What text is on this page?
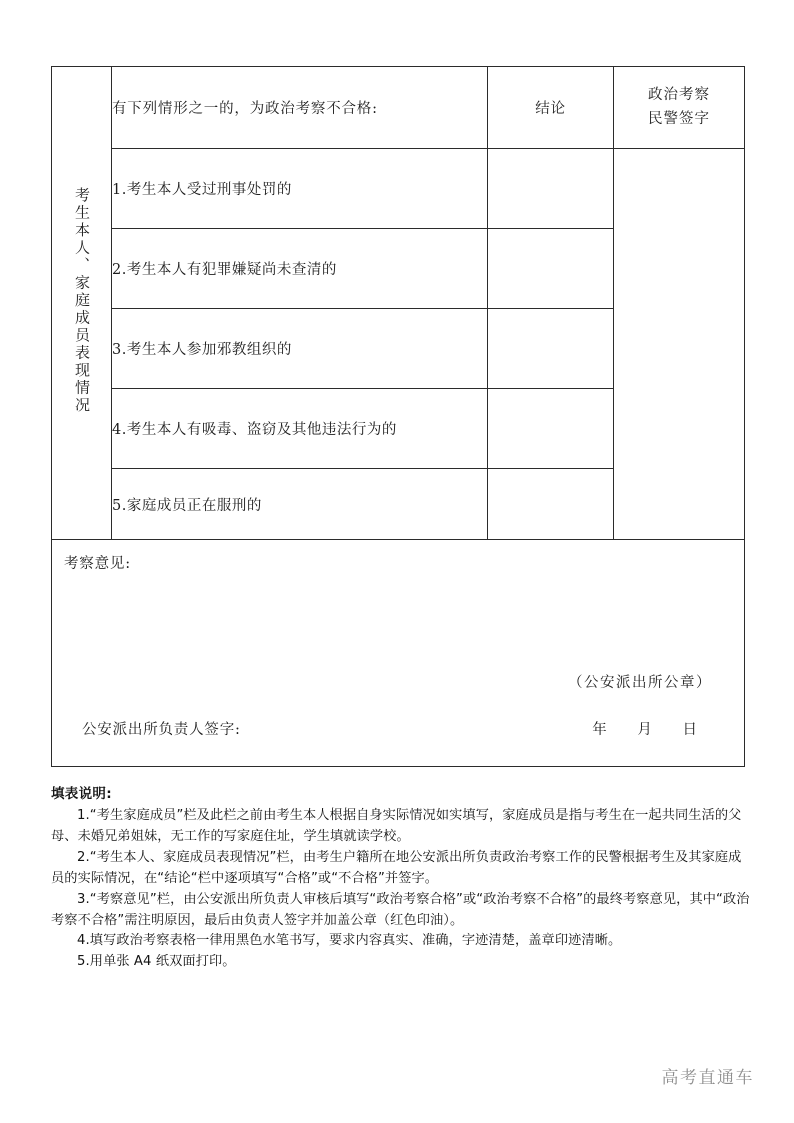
考生本人、家庭成员表现情况	有下列情形之一的，为政治考察不合格:	结论	政治考察
民警签字

	1.考生本人受过刑事处罚的		
	2.考生本人有犯罪嫌疑尚未查清的		
	3.考生本人参加邪教组织的		
	4.考生本人有吸毒、盗窃及其他违法行为的		
	5.家庭成员正在服刑的		

考察意见:
（公安派出所公章）
公安派出所负责人签字: 年 月 日			
填表说明:
1.“考生家庭成员”栏及此栏之前由考生本人根据自身实际情况如实填写，家庭成员是指与考生在一起共同生活的父母、未婚兄弟姐妹，无工作的写家庭住址，学生填就读学校。
2.“考生本人、家庭成员表现情况”栏，由考生户籍所在地公安派出所负责政治考察工作的民警根据考生及其家庭成员的实际情况，在“结论“栏中逐项填写“合格”或“不合格”并签字。
3.“考察意见”栏，由公安派出所负责人审核后填写“政治考察合格”或“政治考察不合格”的最终考察意见，其中“政治考察不合格”需注明原因，最后由负责人签字并加盖公章（红色印油）。
4.填写政治考察表格一律用黑色水笔书写，要求内容真实、准确，字迹清楚，盖章印迹清晰。
5.用单张 A4 纸双面打印。
高考直通车
